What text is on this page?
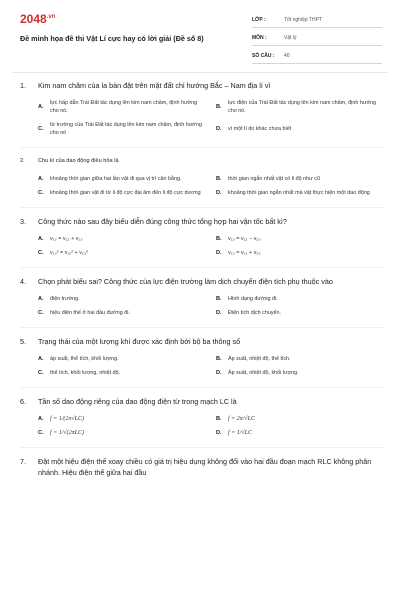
$2048^{.vn}$
Đề minh họa đề thi Vật Lí cực hay có lời giải (Đề số 8)
LỚP :	Tốt nghiệp THPT
MÔN :	Vật lý
SỐ CÂU :	40
1.	Kim nam châm của la bàn đặt trên mặt đất chỉ hướng Bắc – Nam địa lí vì
A.
lực hấp dẫn Trái Đất tác dụng lên kim nam châm, định hướng cho nó.
B.
lực điện của Trái Đất tác dụng lên kim nam châm, định hướng cho nó.
C.
từ trường của Trái Đất tác dụng lên kim nam châm, định hướng cho nó
D.	vì một lí do khác chưa biết
2.	Chu kì của dao động điều hòa là
A.	khoảng thời gian giữa hai lần vật đi qua vị trí cân bằng.	B.	thời gian ngắn nhất vật có li độ như cũ
C.	khoảng thời gian vật đi từ li độ cực đại âm đến li độ cực dương	D.	khoảng thời gian ngắn nhất mà vật thực hiện một dao động
3.	Công thức nào sau đây biểu diễn đúng công thức tổng hợp hai vận tốc bất kì?
A.	v₁₃ = v₁₂ + v₂₃	B.	v₁₃ = v₁₂ − v₂₃
C.	v₁₃² = v₁₂² + v₂₃²	D.	v₁₃ = v₁₂ + v₂₃
4.	Chọn phát biểu sai? Công thức của lực điện trường làm dịch chuyển điện tích phụ thuộc vào
A.	điện trường.	B.	Hình dạng đường đi.
C.	hiệu điện thế ở hai đầu đường đi.	D.	Điện tích dịch chuyển.
5.	Trạng thái của một lượng khí được xác định bởi bộ ba thông số
A.	áp suất, thể tích, khối lượng.	B.	Áp suất, nhiệt độ, thể tích.
C.	thể tích, khối lượng, nhiệt độ.	D.	Áp suất, nhiệt độ, khối lượng.
6.	Tần số dao động riêng của dao động điện từ trong mạch LC là
A.	f = 1/(2π√LC)	B.	f = 2π/√LC
C.	f = 1/√(2πLC)	D.	f = 1/√LC
7.	Đặt một hiệu điện thế xoay chiều có giá trị hiệu dụng không đổi vào hai đầu đoạn mạch RLC không phân nhánh. Hiệu điện thế giữa hai đầu
